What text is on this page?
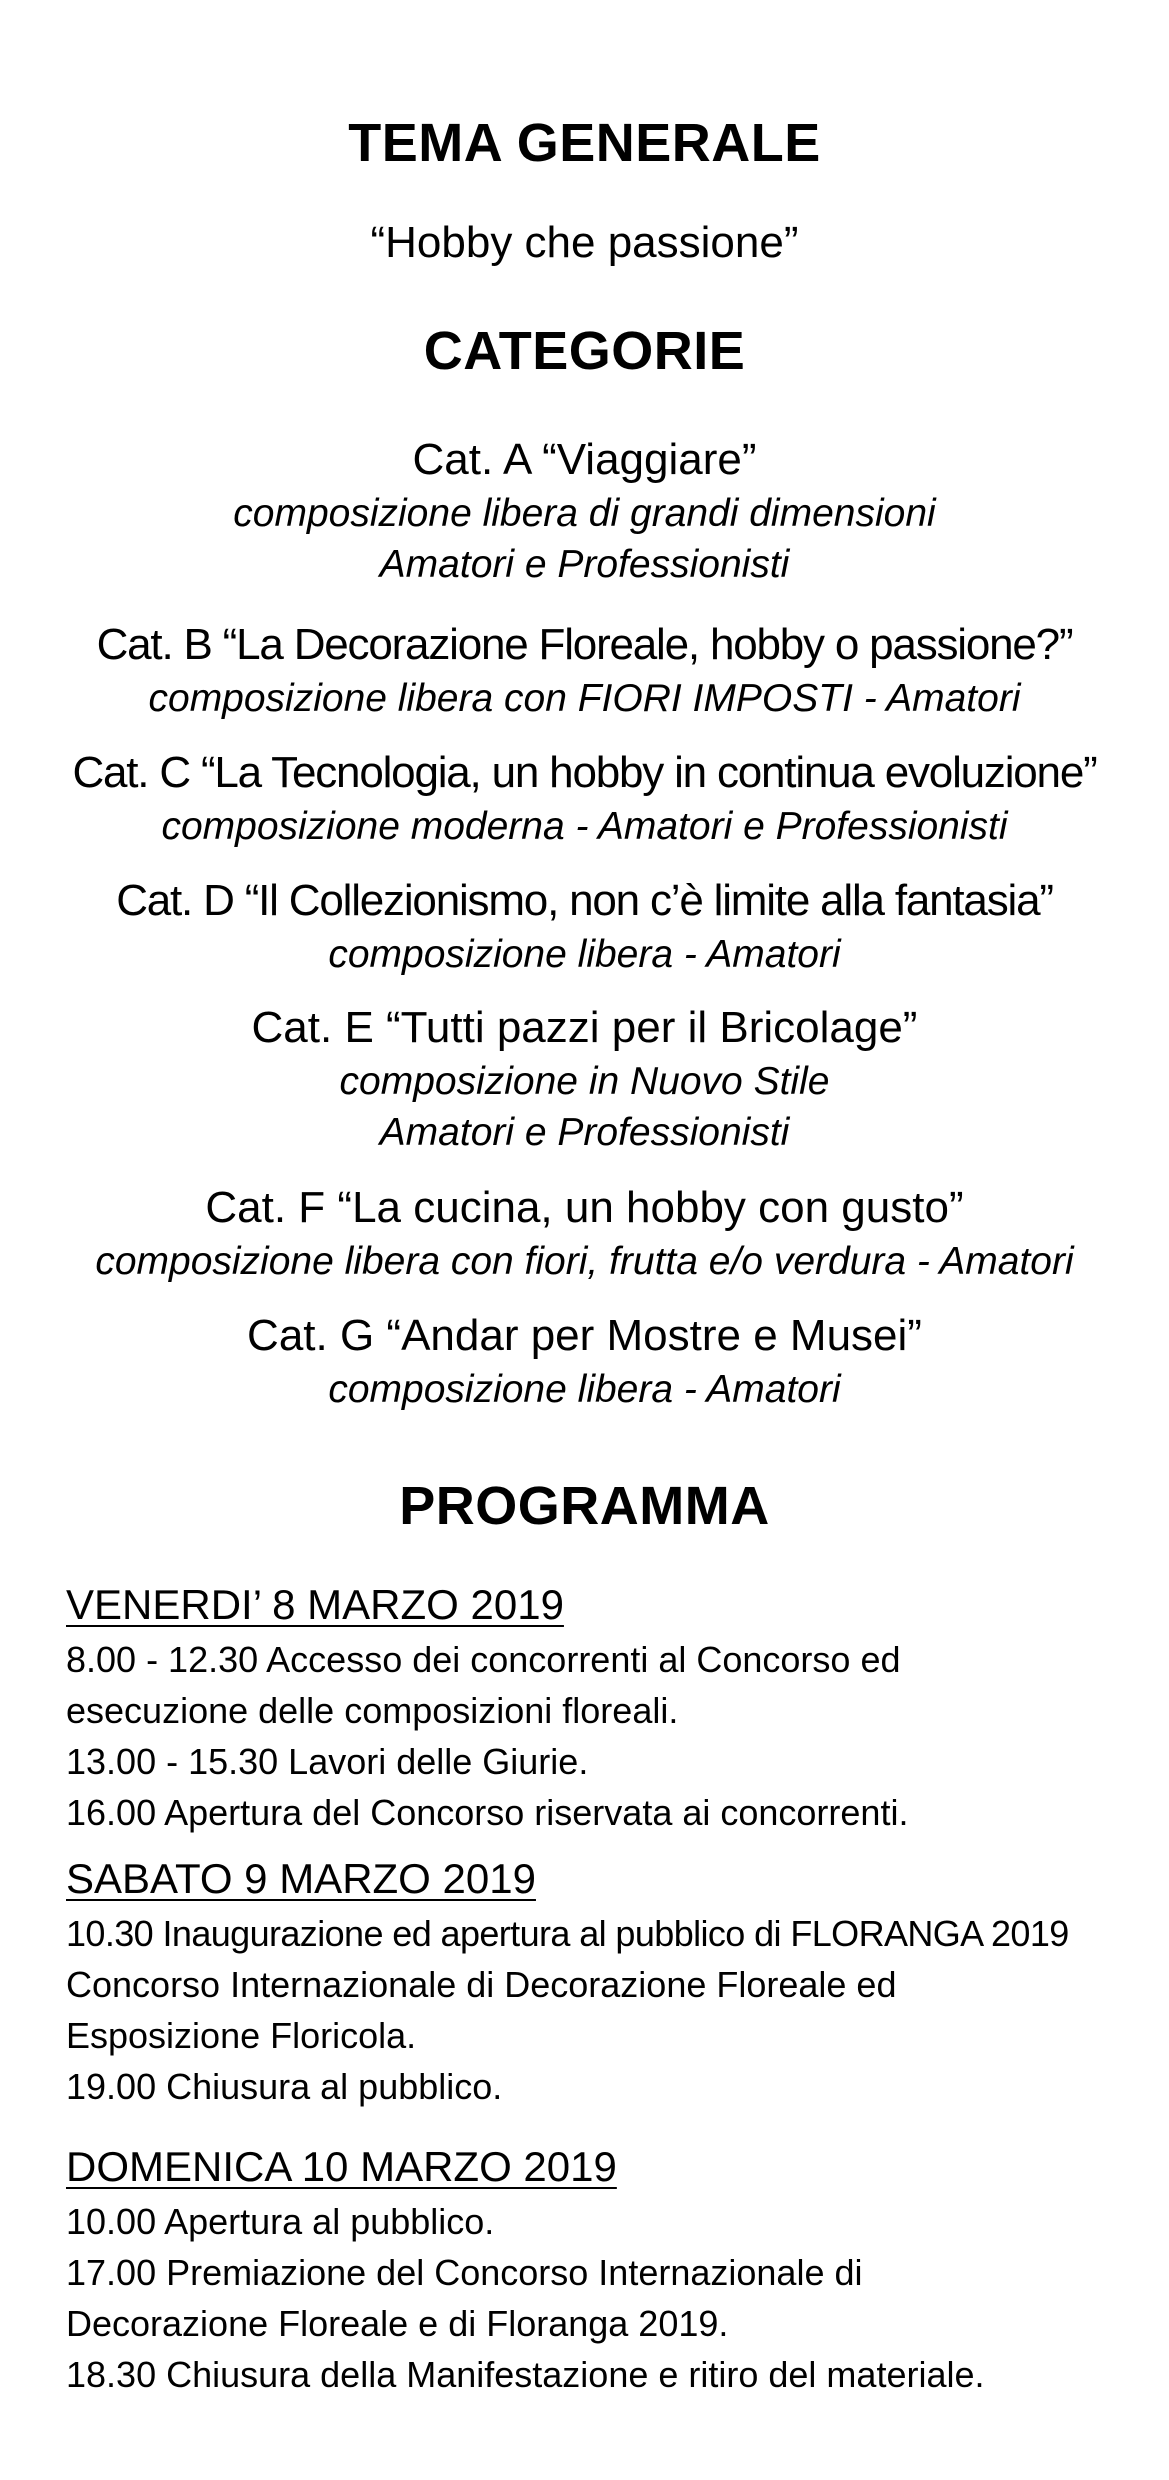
TEMA GENERALE
“Hobby che passione”
CATEGORIE
Cat. A “Viaggiare”
composizione libera di grandi dimensioni
Amatori e Professionisti
Cat. B “La Decorazione Floreale, hobby o passione?”
composizione libera con FIORI IMPOSTI - Amatori
Cat. C “La Tecnologia, un hobby in continua evoluzione”
composizione moderna - Amatori e Professionisti
Cat. D “Il Collezionismo, non c’è limite alla fantasia”
composizione libera - Amatori
Cat. E “Tutti pazzi per il Bricolage”
composizione in Nuovo Stile
Amatori e Professionisti
Cat. F “La cucina, un hobby con gusto”
composizione libera con fiori, frutta e/o verdura - Amatori
Cat. G “Andar per Mostre e Musei”
composizione libera - Amatori
PROGRAMMA
VENERDI’ 8 MARZO 2019
8.00 - 12.30 Accesso dei concorrenti al Concorso ed
esecuzione delle composizioni floreali.
13.00 - 15.30 Lavori delle Giurie.
16.00 Apertura del Concorso riservata ai concorrenti.
SABATO 9 MARZO 2019
10.30 Inaugurazione ed apertura al pubblico di FLORANGA 2019
Concorso Internazionale di Decorazione Floreale ed
Esposizione Floricola.
19.00 Chiusura al pubblico.
DOMENICA 10 MARZO 2019
10.00 Apertura al pubblico.
17.00 Premiazione del Concorso Internazionale di
Decorazione Floreale e di Floranga 2019.
18.30 Chiusura della Manifestazione e ritiro del materiale.
